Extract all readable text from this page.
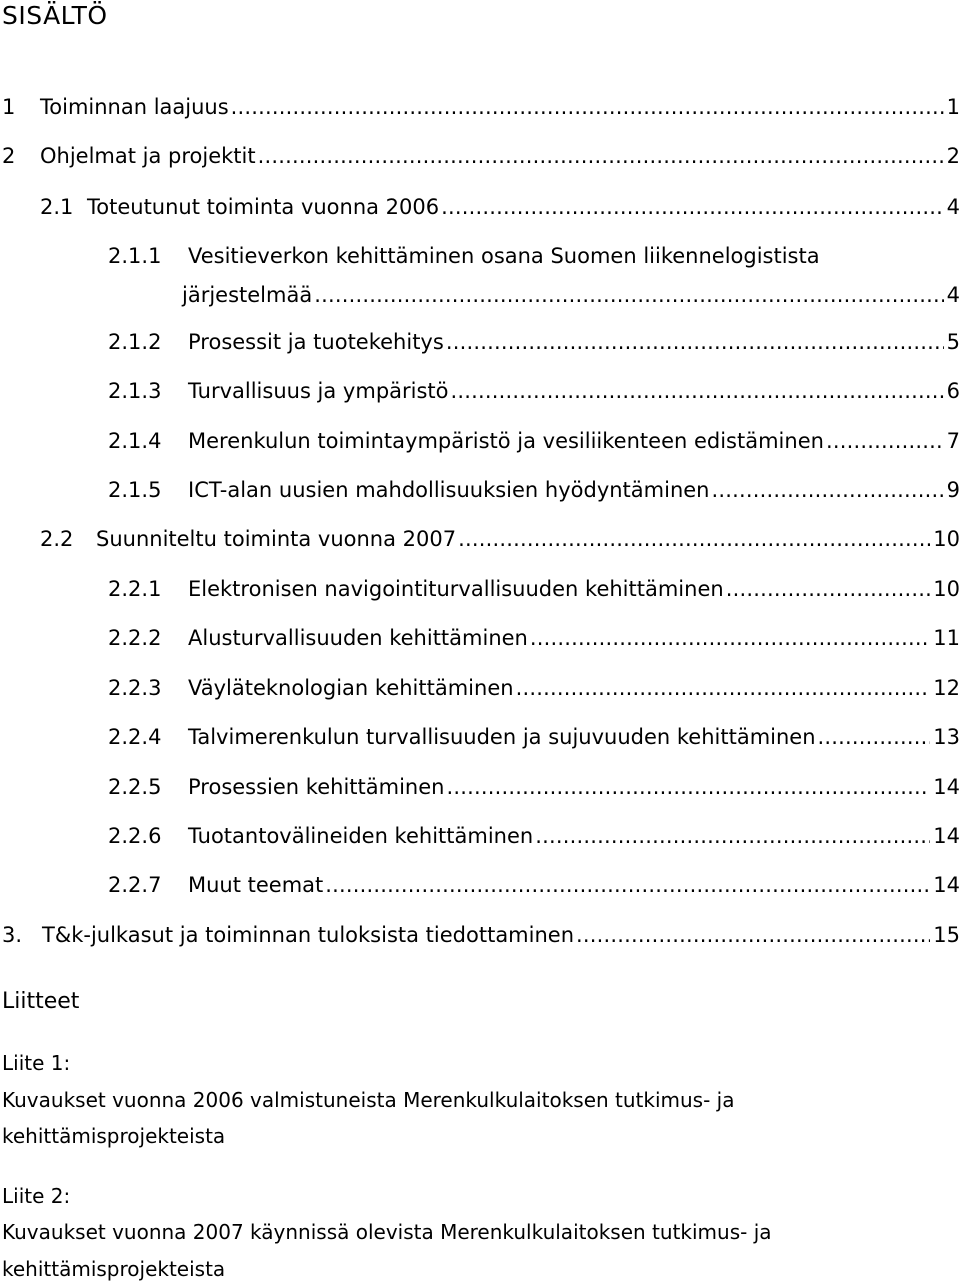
SISÄLTÖ
1 Toiminnan laajuus .....	1
2 Ohjelmat ja projektit .....	2
2.1 Toteutunut toiminta vuonna 2006 .....	4
2.1.1 Vesitieverkon kehittäminen osana Suomen liikennelogistista
järjestelmää .....	4
2.1.2 Prosessit ja tuotekehitys .....	5
2.1.3 Turvallisuus ja ympäristö .....	6
2.1.4 Merenkulun toimintaympäristö ja vesiliikenteen edistäminen .....	7
2.1.5 ICT-alan uusien mahdollisuuksien hyödyntäminen .....	9
2.2 Suunniteltu toiminta vuonna 2007 .....	10
2.2.1 Elektronisen navigointiturvallisuuden kehittäminen .....	10
2.2.2 Alusturvallisuuden kehittäminen .....	11
2.2.3 Väyläteknologian kehittäminen .....	12
2.2.4 Talvimerenkulun turvallisuuden ja sujuvuuden kehittäminen .....	13
2.2.5 Prosessien kehittäminen .....	14
2.2.6 Tuotantovälineiden kehittäminen .....	14
2.2.7 Muut teemat .....	14
3. T&k-julkasut ja toiminnan tuloksista tiedottaminen .....	15
Liitteet
Liite 1:
Kuvaukset vuonna 2006 valmistuneista Merenkulkulaitoksen tutkimus- ja
kehittämisprojekteista
Liite 2:
Kuvaukset vuonna 2007 käynnissä olevista Merenkulkulaitoksen tutkimus- ja
kehittämisprojekteista
